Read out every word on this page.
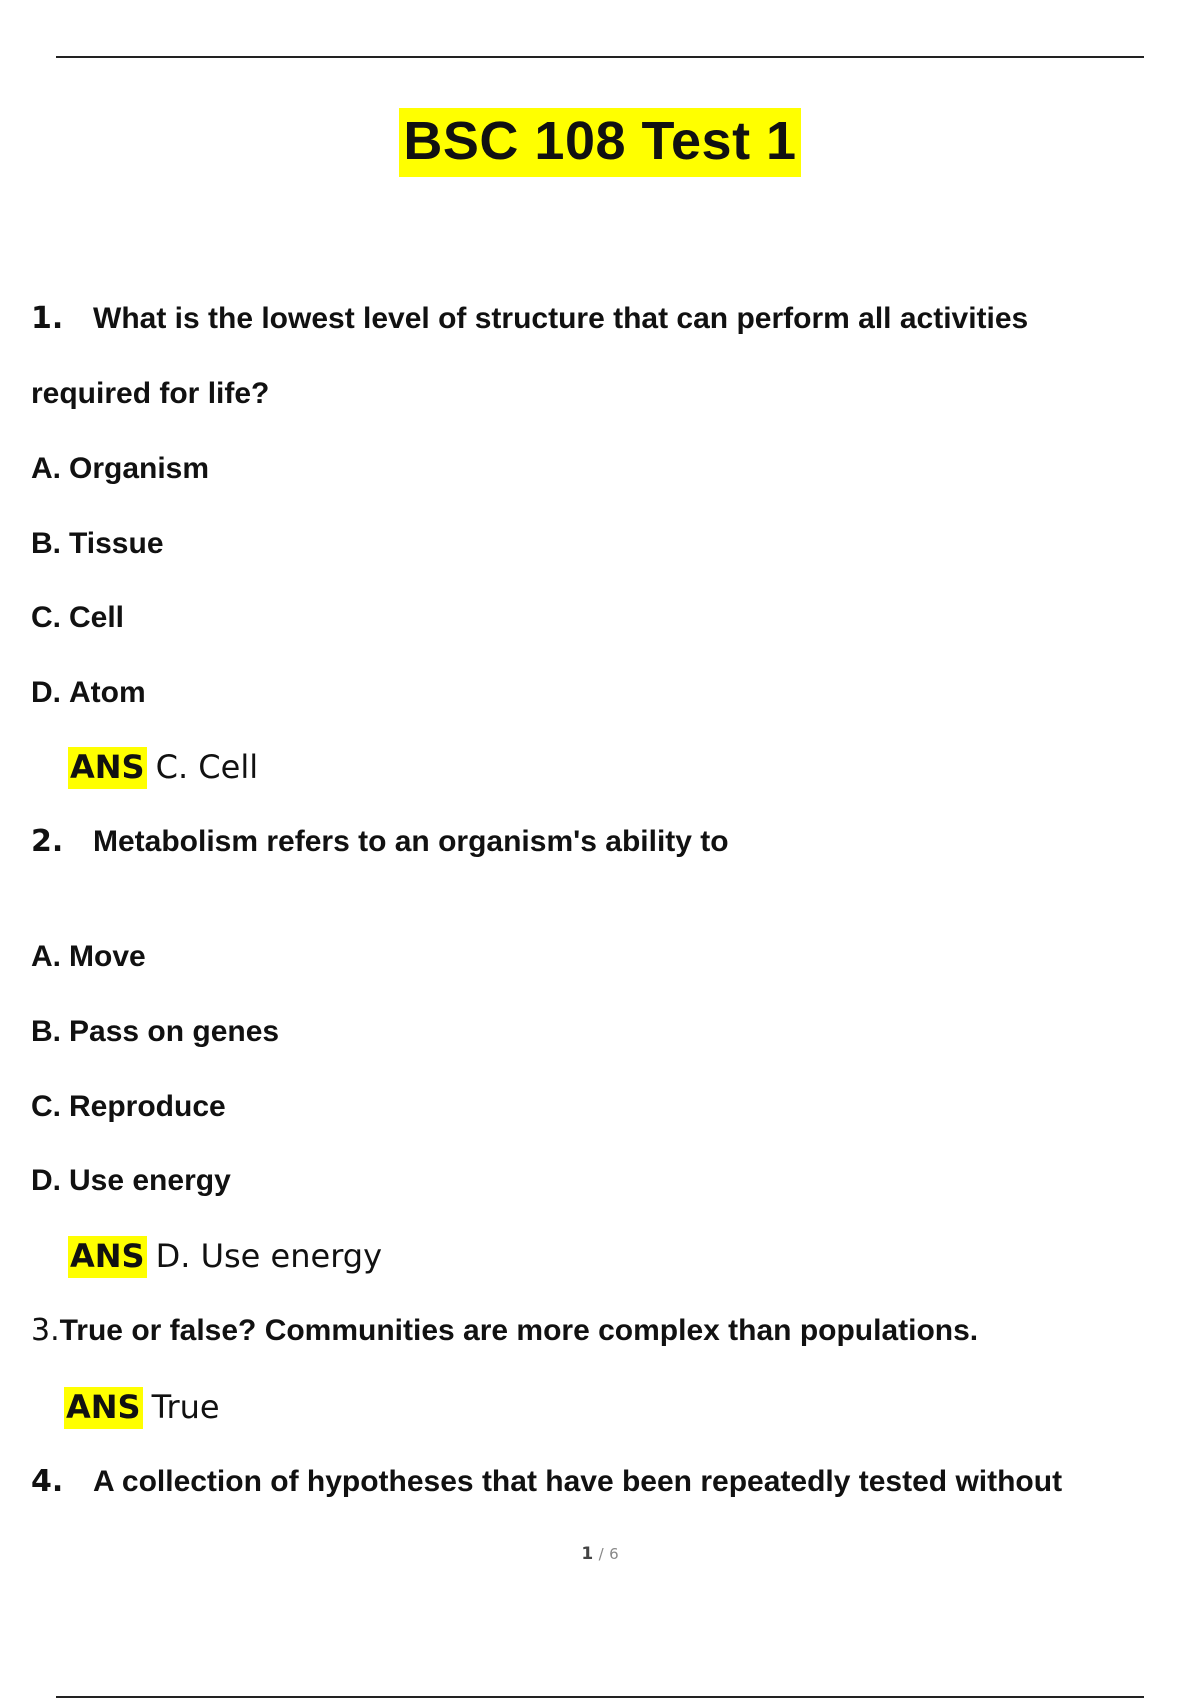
BSC 108 Test 1
1. What is the lowest level of structure that can perform all activities
required for life?
A. Organism
B. Tissue
C. Cell
D. Atom
ANS C. Cell
2. Metabolism refers to an organism's ability to
A. Move
B. Pass on genes
C. Reproduce
D. Use energy
ANS D. Use energy
3.True or false? Communities are more complex than populations.
ANS True
4. A collection of hypotheses that have been repeatedly tested without
1 / 6
